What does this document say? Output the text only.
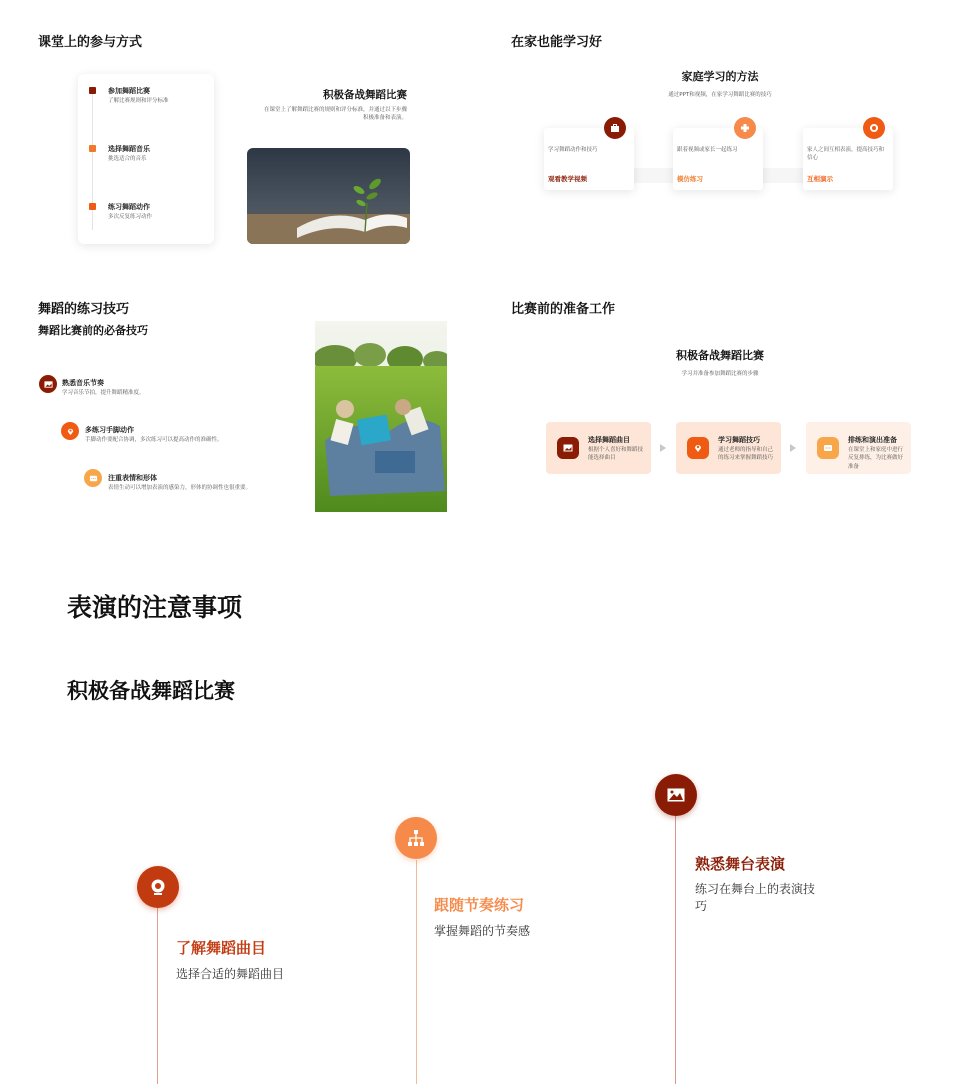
课堂上的参与方式
参加舞蹈比赛
了解比赛规则和评分标准
选择舞蹈音乐
挑选适合的音乐
练习舞蹈动作
多次反复练习动作
积极备战舞蹈比赛
在课堂上了解舞蹈比赛的规则和评分标准，并通过以下步骤
积极准备和表演。
在家也能学习好
家庭学习的方法
通过PPT和视频，在家学习舞蹈比赛的技巧
学习舞蹈动作和技巧
观看教学视频
跟着视频或家长一起练习
模仿练习
家人之间互相表演，提高技巧和信心
互相演示
舞蹈的练习技巧
舞蹈比赛前的必备技巧
熟悉音乐节奏
学习音乐节拍，提升舞蹈精准度。
多练习手脚动作
手脚动作要配合协调，多次练习可以提高动作的准确性。
注重表情和形体
表情生动可以增加表演的感染力，形体的协调性也很重要。
比赛前的准备工作
积极备战舞蹈比赛
学习并准备参加舞蹈比赛的步骤
选择舞蹈曲目
根据个人喜好和舞蹈技能选择曲目
学习舞蹈技巧
通过老师的指导和自己的练习来掌握舞蹈技巧
排练和演出准备
在课堂上和家庭中进行反复排练，为比赛做好准备
表演的注意事项
积极备战舞蹈比赛
了解舞蹈曲目
选择合适的舞蹈曲目
跟随节奏练习
掌握舞蹈的节奏感
熟悉舞台表演
练习在舞台上的表演技巧
